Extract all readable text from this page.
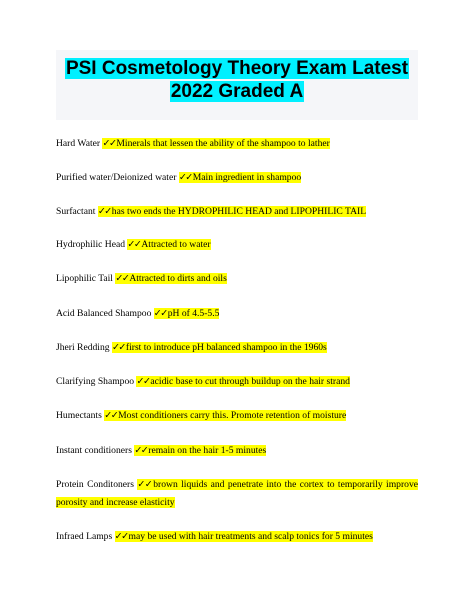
PSI Cosmetology Theory Exam Latest
2022 Graded A
Hard Water ✓✓Minerals that lessen the ability of the shampoo to lather
Purified water/Deionized water ✓✓Main ingredient in shampoo
Surfactant ✓✓has two ends the HYDROPHILIC HEAD and LIPOPHILIC TAIL
Hydrophilic Head ✓✓Attracted to water
Lipophilic Tail ✓✓Attracted to dirts and oils
Acid Balanced Shampoo ✓✓pH of 4.5-5.5
Jheri Redding ✓✓first to introduce pH balanced shampoo in the 1960s
Clarifying Shampoo ✓✓acidic base to cut through buildup on the hair strand
Humectants ✓✓Most conditioners carry this. Promote retention of moisture
Instant conditioners ✓✓remain on the hair 1-5 minutes
Protein Conditoners ✓✓brown liquids and penetrate into the cortex to temporarily improve porosity and increase elasticity
Infraed Lamps ✓✓may be used with hair treatments and scalp tonics for 5 minutes
